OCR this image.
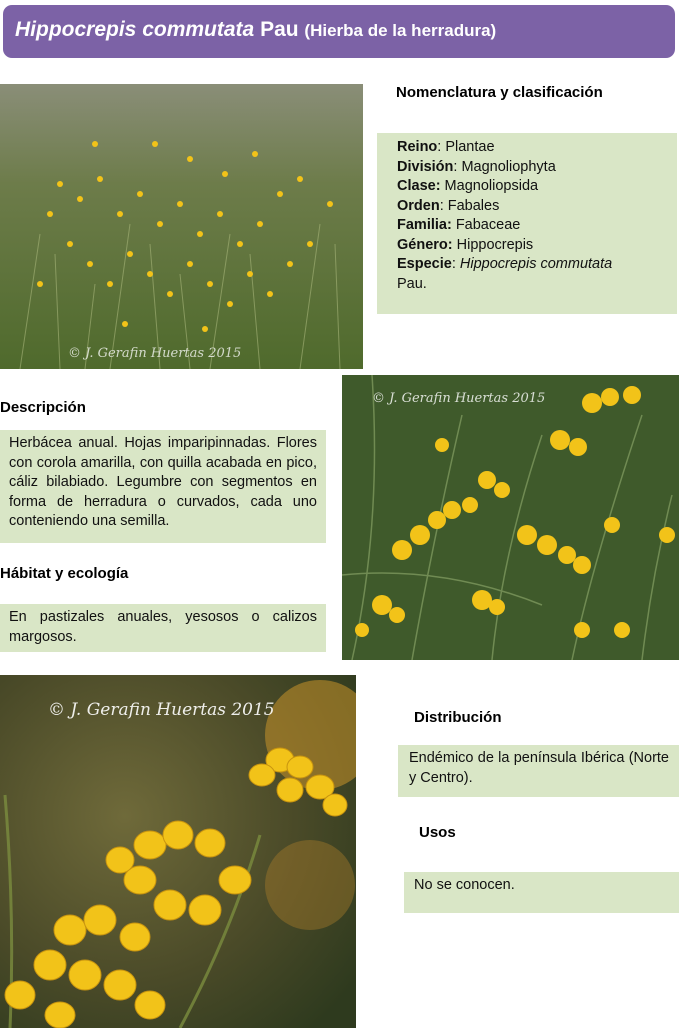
Hippocrepis commutata Pau (Hierba de la herradura)
© J. Gerafin Huertas 2015
Nomenclatura y clasificación
Reino: Plantae
División: Magnoliophyta
Clase: Magnoliopsida
Orden: Fabales
Familia: Fabaceae
Género: Hippocrepis
Especie: Hippocrepis commutata
Pau.
Descripción
Herbácea anual. Hojas imparipinnadas. Flores con corola amarilla, con quilla acabada en pico, cáliz bilabiado. Legumbre con segmentos en forma de herradura o curvados, cada uno conteniendo una semilla.
© J. Gerafin Huertas 2015
Hábitat y ecología
En pastizales anuales, yesosos o calizos margosos.
© J. Gerafin Huertas 2015	Distribución
Endémico de la península Ibérica (Norte y Centro).
Usos
No se conocen.
